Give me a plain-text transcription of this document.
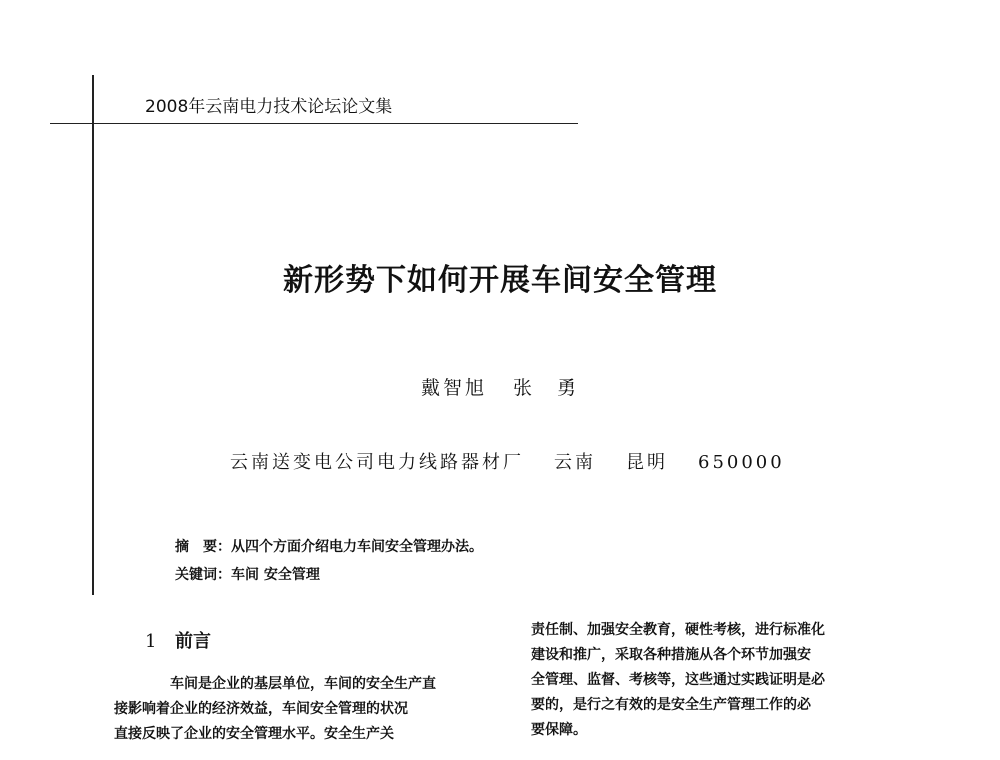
2008年云南电力技术论坛论文集
新形势下如何开展车间安全管理
戴智旭 张　勇
云南送变电公司电力线路器材厂 云南 昆明 650000
摘　要：从四个方面介绍电力车间安全管理办法。
关键词：车间 安全管理
1 前言

车间是企业的基层单位，车间的安全生产直
接影响着企业的经济效益，车间安全管理的状况
直接反映了企业的安全管理水平。安全生产关

责任制、加强安全教育，硬性考核，进行标准化
建设和推广，采取各种措施从各个环节加强安
全管理、监督、考核等，这些通过实践证明是必
要的，是行之有效的是安全生产管理工作的必
要保障。
